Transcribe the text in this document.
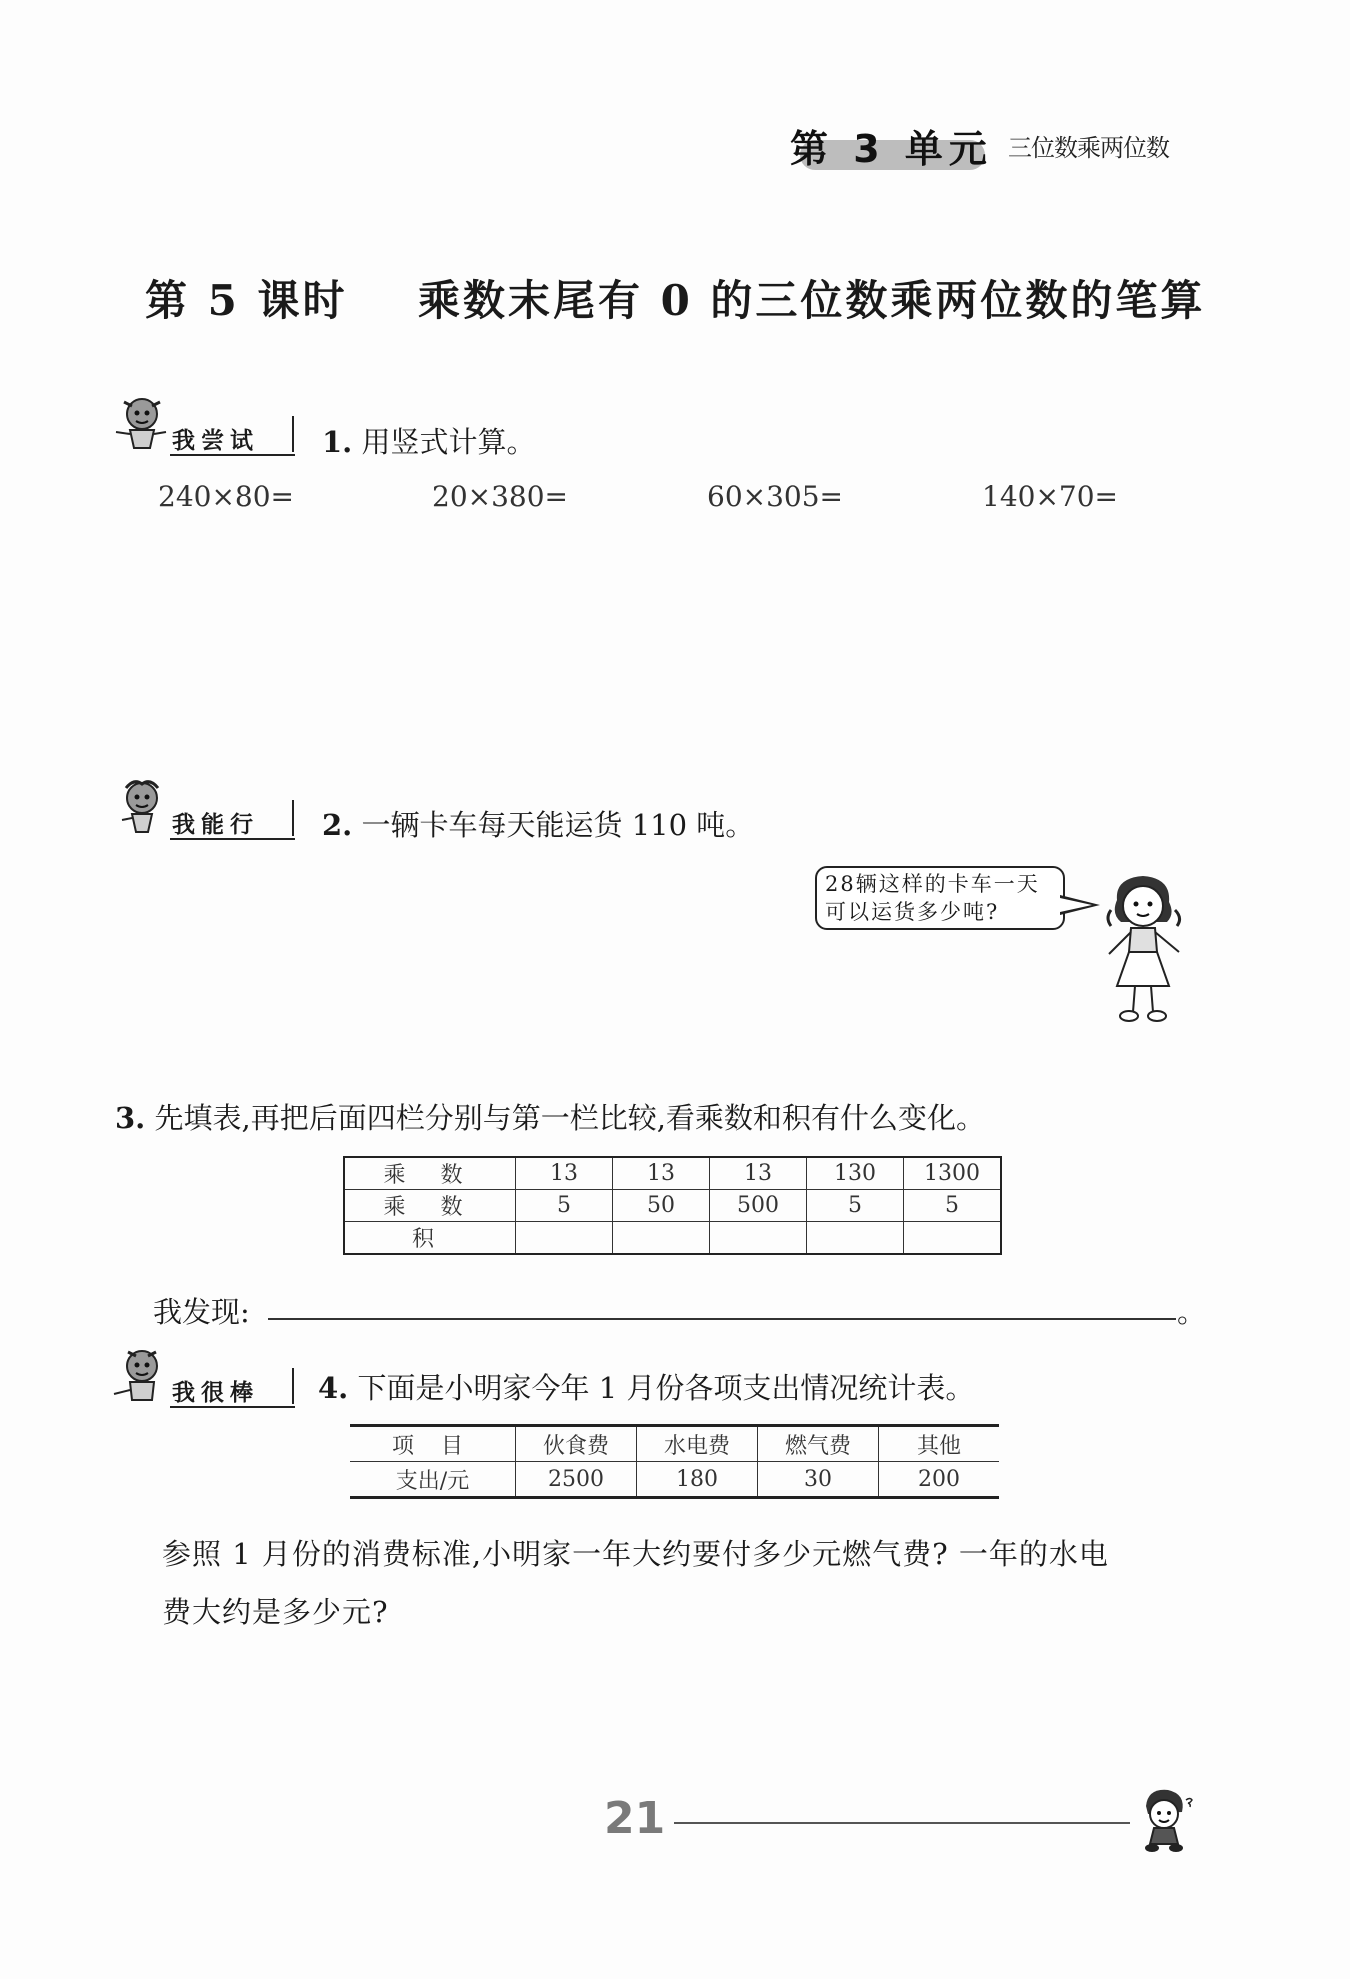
第 3 单元 三位数乘两位数
第 5 课时    乘数末尾有 0 的三位数乘两位数的笔算
我尝试 1. 用竖式计算。
240×80=	20×380=	60×305=	140×70=
我能行 2. 一辆卡车每天能运货 110 吨。
28辆这样的卡车一天
可以运货多少吨?
3. 先填表,再把后面四栏分别与第一栏比较,看乘数和积有什么变化。
乘 数	13	13	13	130	1300
乘 数	5	50	500	5	5
积					
我发现:	。
我很棒 4. 下面是小明家今年 1 月份各项支出情况统计表。
项 目	伙食费	水电费	燃气费	其他
支出/元	2500	180	30	200
参照 1 月份的消费标准,小明家一年大约要付多少元燃气费? 一年的水电
费大约是多少元?
21
